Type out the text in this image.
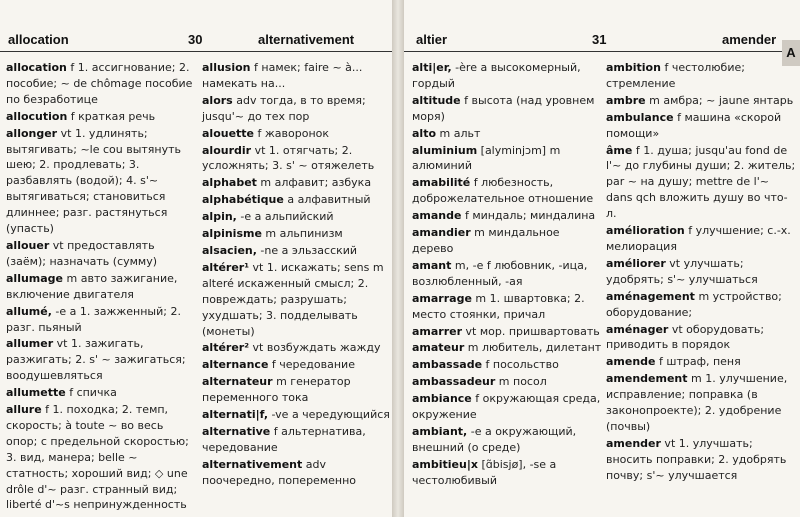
allocation	30	alternativement
allocation f 1. ассигнование; 2. пособие; ~ de chômage пособие по безработице
allocution f краткая речь
allonger vt 1. удлинять; вытягивать; ~le cou вытянуть шею; 2. продлевать; 3. разбавлять (водой); 4. s'~ вытягиваться; становиться длиннее; разг. растянуться (упасть)
allouer vt предоставлять (заём); назначать (сумму)
allumage m авто зажигание, включение двигателя
allumé, -e a 1. зажженный; 2. разг. пьяный
allumer vt 1. зажигать, разжигать; 2. s' ~ зажигаться; воодушевляться
allumette f спичка
allure f 1. походка; 2. темп, скорость; à toute ~ во весь опор; с предельной скоростью; 3. вид, манера; belle ~ статность; хороший вид; ◇ une drôle d'~ разг. странный вид; liberté d'~s непринужденность
allusion f намек; faire ~ à... намекать на...
alors adv тогда, в то время; jusqu'~ до тех пор
alouette f жаворонок
alourdir vt 1. отягчать; 2. усложнять; 3. s' ~ отяжелеть
alphabet m алфавит; азбука
alphabétique a алфавитный
alpin, -e a альпийский
alpinisme m альпинизм
alsacien, -ne a эльзасский
altérer¹ vt 1. искажать; sens m alteré искаженный смысл; 2. повреждать; разрушать; ухудшать; 3. подделывать (монеты)
altérer² vt возбуждать жажду
alternance f чередование
alternateur m генератор переменного тока
alternati|f, -ve a чередующийся
alternative f альтернатива, чередование
alternativement adv поочередно, попеременно
altier	31	amender
A
alti|er, -ère a высокомерный, гордый
altitude f высота (над уровнем моря)
alto m альт
aluminium [alyminjɔm] m алюминий
amabilité f любезность, доброжелательное отношение
amande f миндаль; миндалина
amandier m миндальное дерево
amant m, -e f любовник, -ица, возлюбленный, -ая
amarrage m 1. швартовка; 2. место стоянки, причал
amarrer vt мор. пришвартовать
amateur m любитель, дилетант
ambassade f посольство
ambassadeur m посол
ambiance f окружающая среда, окружение
ambiant, -e a окружающий, внешний (о среде)
ambitieu|x [ɑ̃bisjø], -se a честолюбивый
ambition f честолюбие; стремление
ambre m амбра; ~ jaune янтарь
ambulance f машина «скорой помощи»
âme f 1. душа; jusqu'au fond de l'~ до глубины души; 2. житель; par ~ на душу; mettre de l'~ dans qch вложить душу во что-л.
amélioration f улучшение; с.-х. мелиорация
améliorer vt улучшать; удобрять; s'~ улучшаться
aménagement m устройство; оборудование;
aménager vt оборудовать; приводить в порядок
amende f штраф, пеня
amendement m 1. улучшение, исправление; поправка (в законопроекте); 2. удобрение (почвы)
amender vt 1. улучшать; вносить поправки; 2. удобрять почву; s'~ улучшается
